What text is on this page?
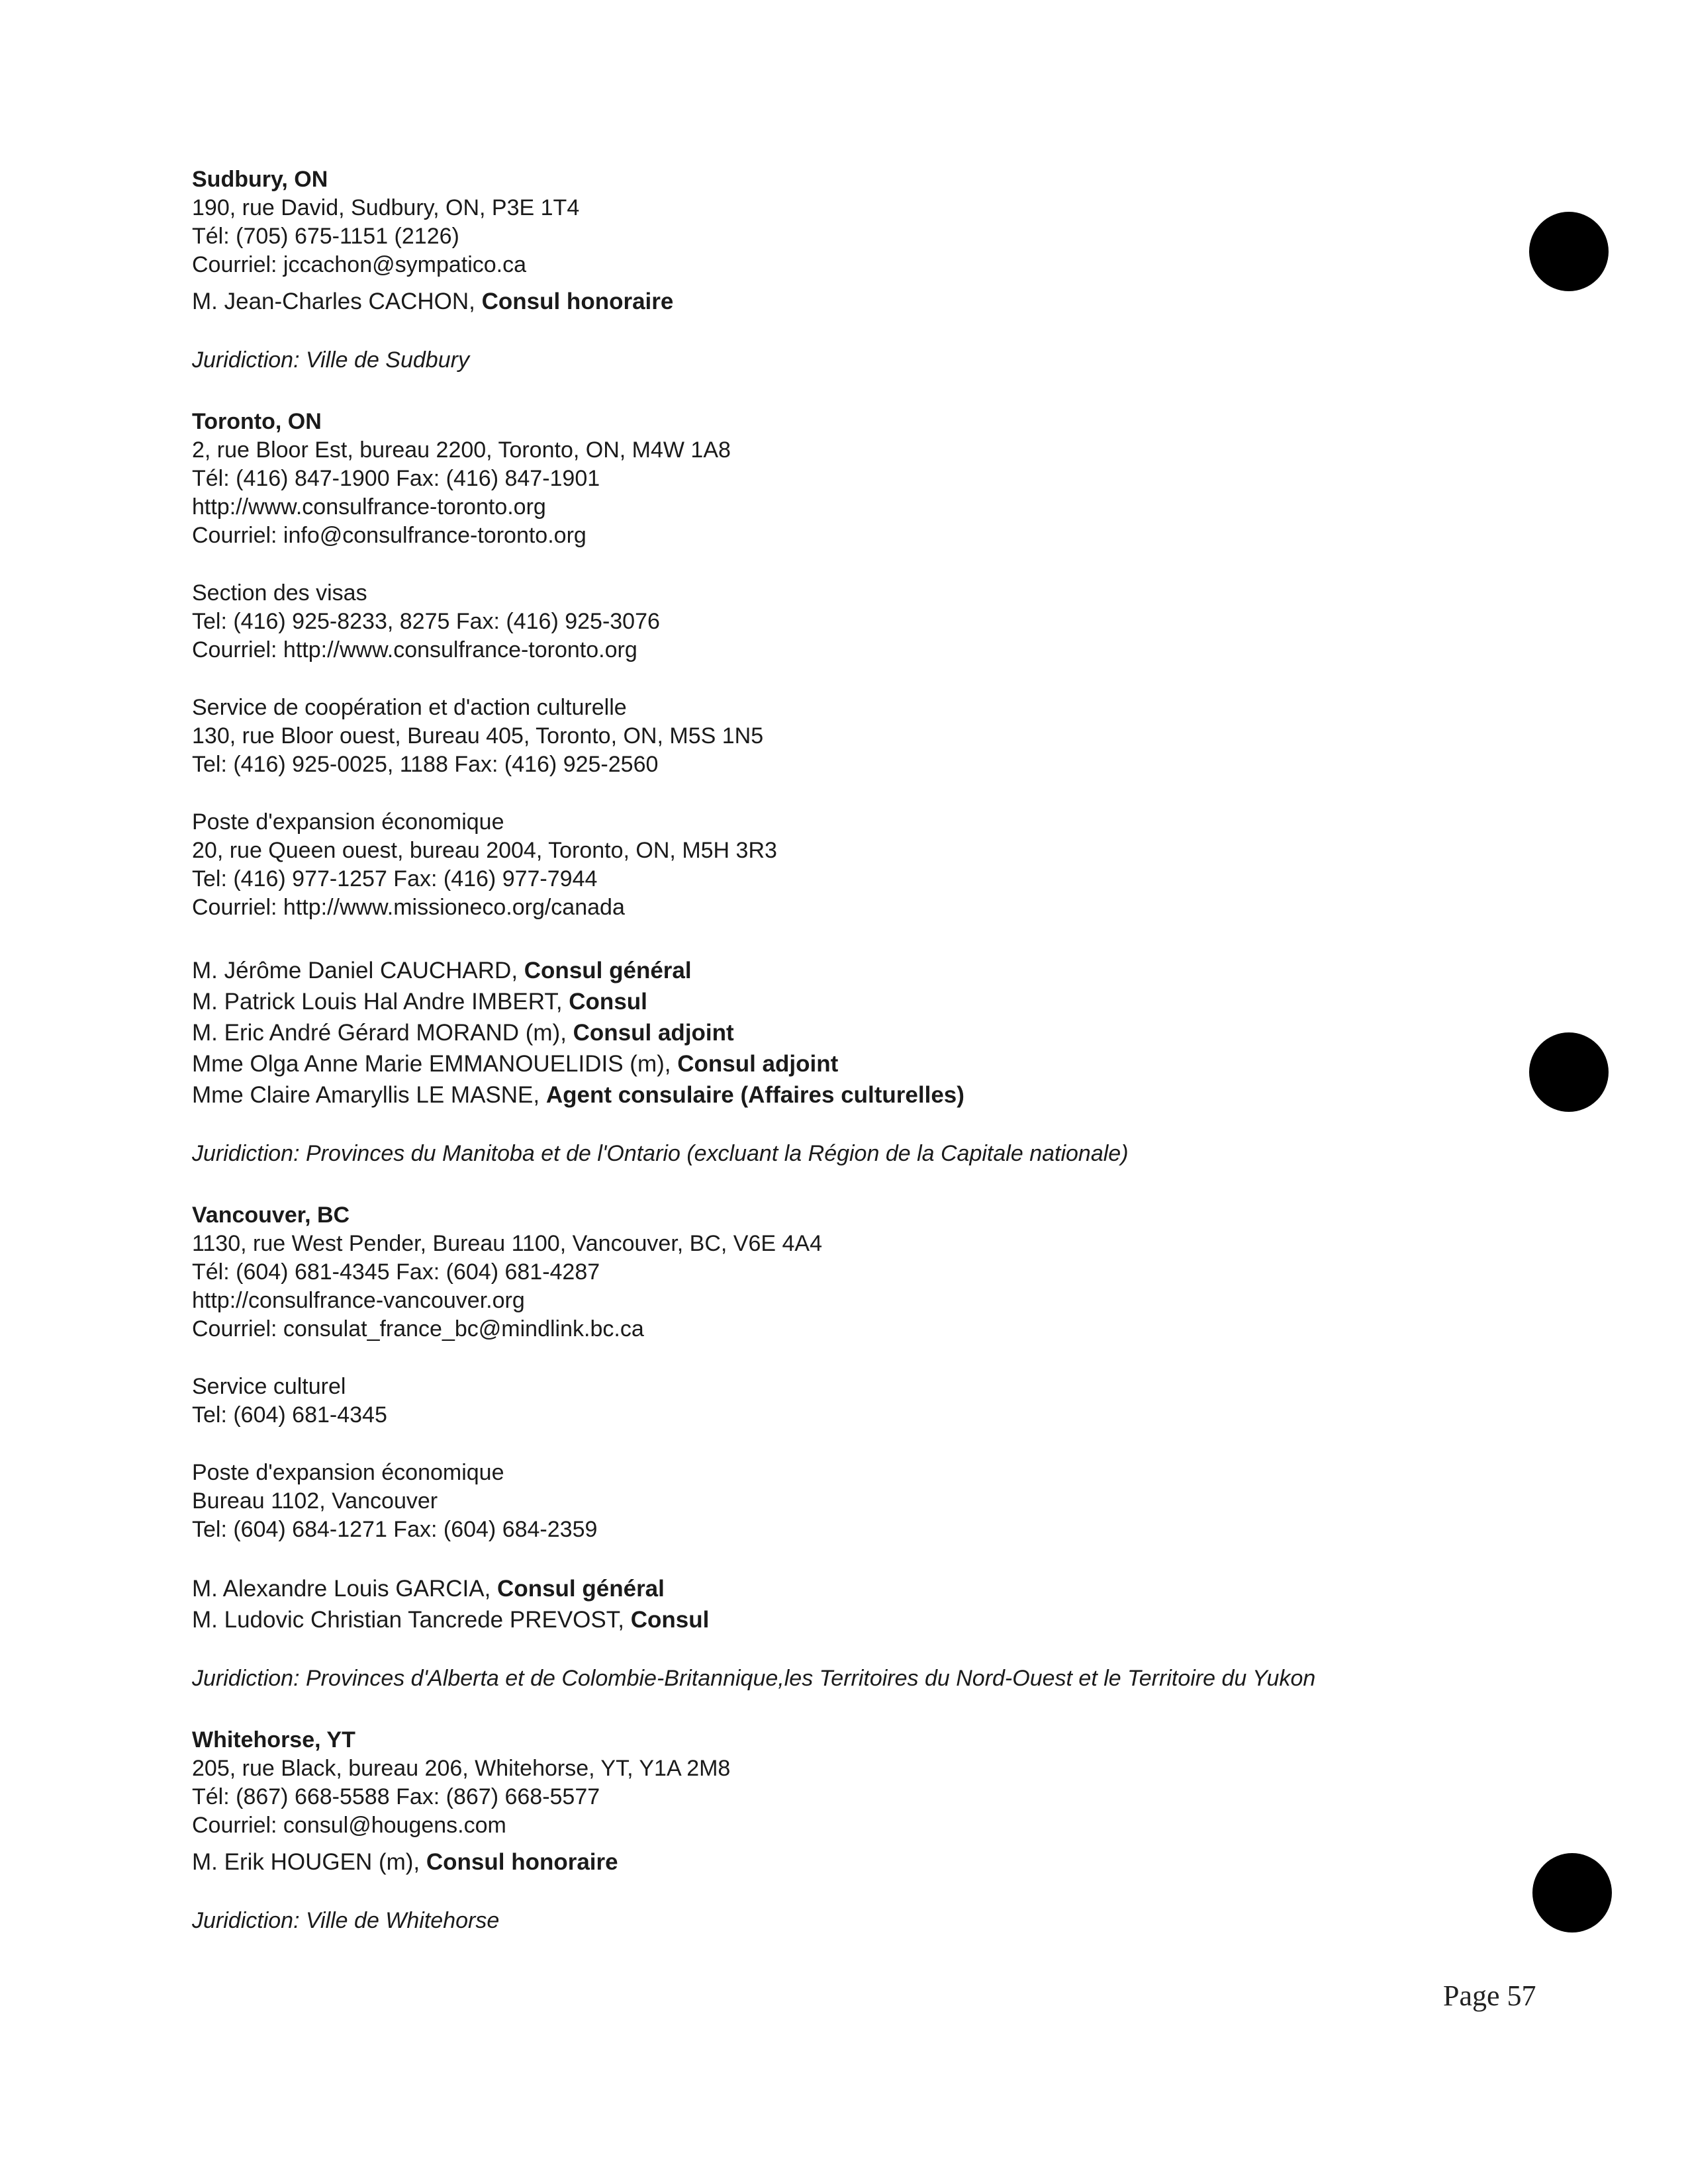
Sudbury, ON

190, rue David, Sudbury, ON, P3E 1T4

Tél: (705) 675-1151 (2126)

Courriel: jccachon@sympatico.ca

M. Jean-Charles CACHON, Consul honoraire

Juridiction: Ville de Sudbury

Toronto, ON

2, rue Bloor Est, bureau 2200, Toronto, ON, M4W 1A8

Tél: (416) 847-1900 Fax: (416) 847-1901

http://www.consulfrance-toronto.org

Courriel: info@consulfrance-toronto.org

Section des visas

Tel: (416) 925-8233, 8275 Fax: (416) 925-3076

Courriel: http://www.consulfrance-toronto.org

Service de coopération et d'action culturelle

130, rue Bloor ouest, Bureau 405, Toronto, ON, M5S 1N5

Tel: (416) 925-0025, 1188 Fax: (416) 925-2560

Poste d'expansion économique

20, rue Queen ouest, bureau 2004, Toronto, ON, M5H 3R3

Tel: (416) 977-1257 Fax: (416) 977-7944

Courriel: http://www.missioneco.org/canada

M. Jérôme Daniel CAUCHARD, Consul général

M. Patrick Louis Hal Andre IMBERT, Consul

M. Eric André Gérard MORAND (m), Consul adjoint

Mme Olga Anne Marie EMMANOUELIDIS (m), Consul adjoint

Mme Claire Amaryllis LE MASNE, Agent consulaire (Affaires culturelles)

Juridiction: Provinces du Manitoba et de l'Ontario (excluant la Région de la Capitale nationale)

Vancouver, BC

1130, rue West Pender, Bureau 1100, Vancouver, BC, V6E 4A4

Tél: (604) 681-4345 Fax: (604) 681-4287

http://consulfrance-vancouver.org

Courriel: consulat_france_bc@mindlink.bc.ca

Service culturel

Tel: (604) 681-4345

Poste d'expansion économique

Bureau 1102, Vancouver

Tel: (604) 684-1271 Fax: (604) 684-2359

M. Alexandre Louis GARCIA, Consul général

M. Ludovic Christian Tancrede PREVOST, Consul

Juridiction: Provinces d'Alberta et de Colombie-Britannique,les Territoires du Nord-Ouest et le Territoire du Yukon

Whitehorse, YT

205, rue Black, bureau 206, Whitehorse, YT, Y1A 2M8

Tél: (867) 668-5588 Fax: (867) 668-5577

Courriel: consul@hougens.com

M. Erik HOUGEN (m), Consul honoraire

Juridiction: Ville de Whitehorse

Page 57
